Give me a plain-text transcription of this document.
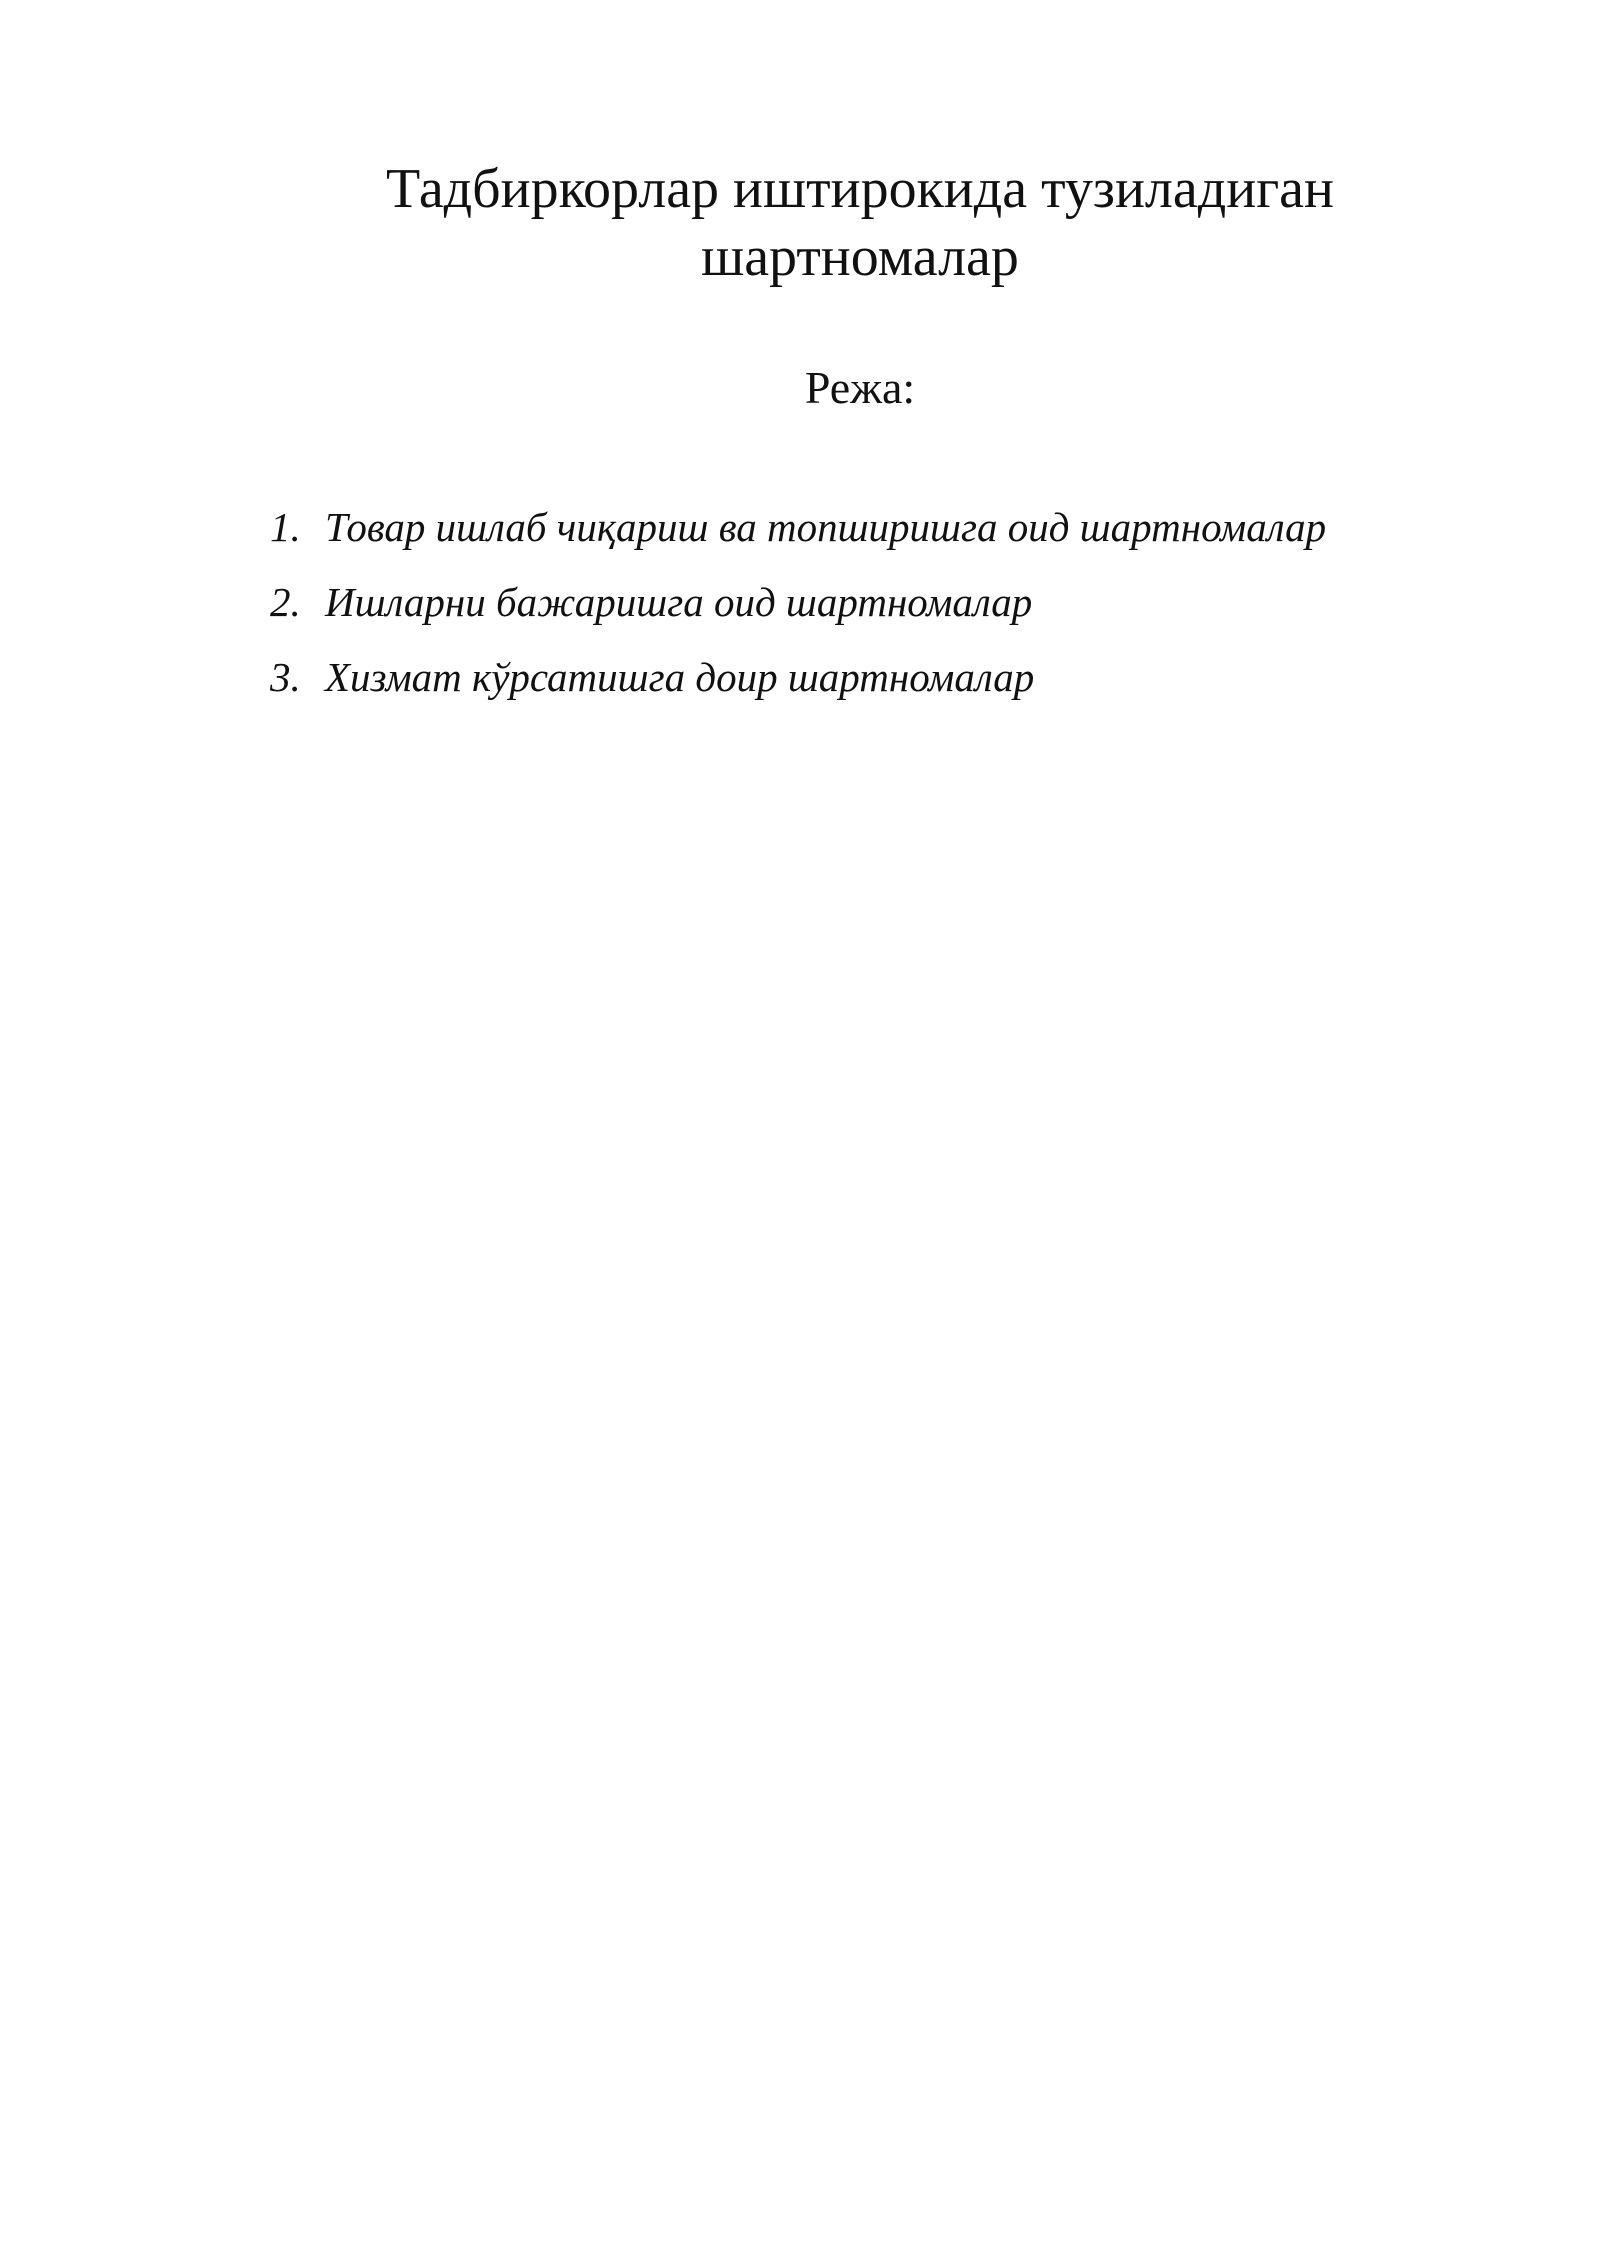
Тадбиркорлар иштирокида тузиладиган шартномалар
Режа:
1. Товар ишлаб чиқариш ва топширишга оид шартномалар
2. Ишларни бажаришга оид шартномалар
3. Хизмат кўрсатишга доир шартномалар
